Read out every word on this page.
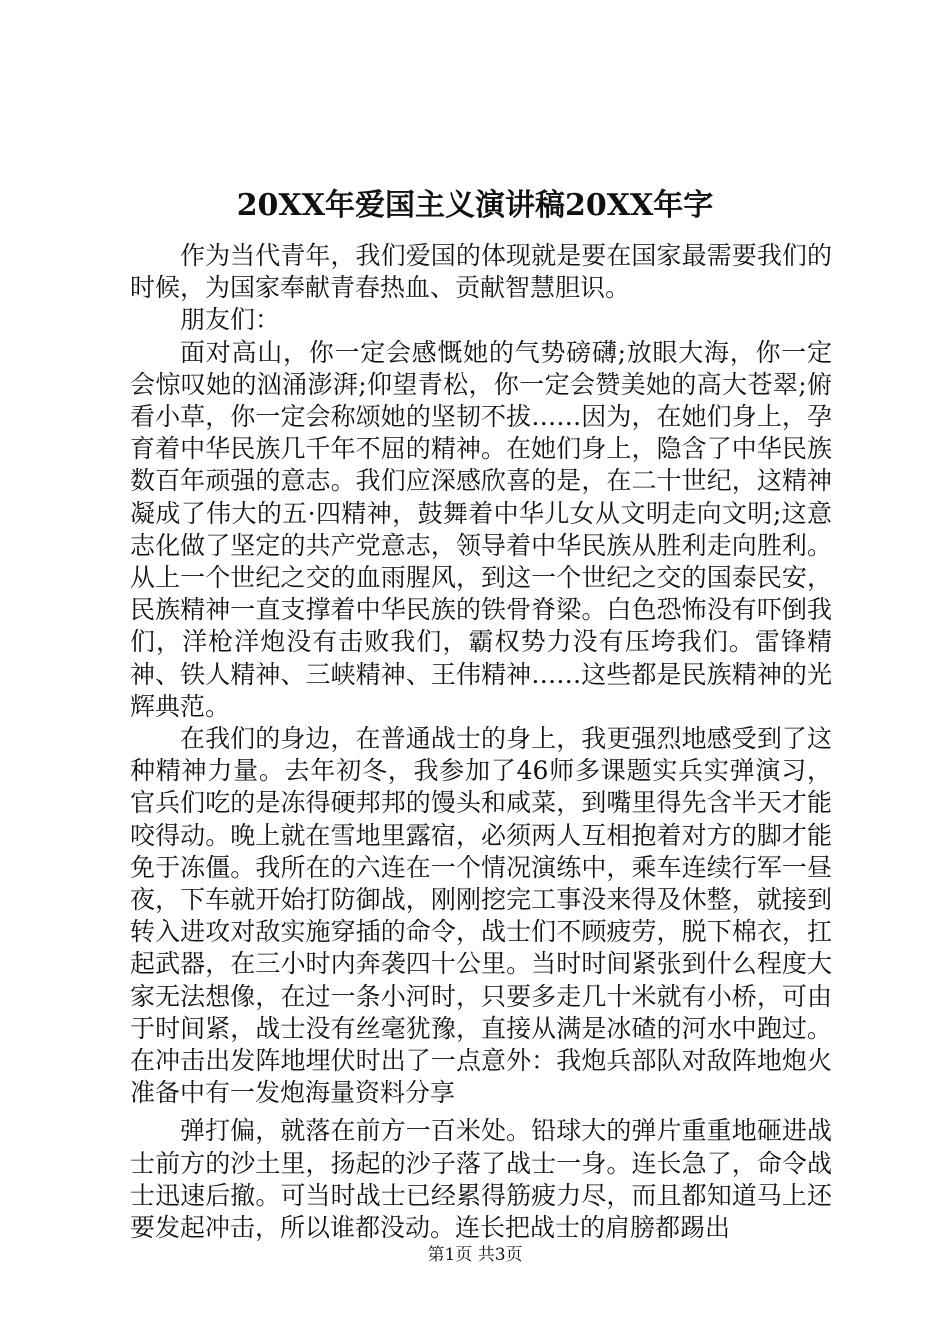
20XX年爱国主义演讲稿20XX年字

作为当代青年，我们爱国的体现就是要在国家最需要我们的时候，为国家奉献青春热血、贡献智慧胆识。

朋友们：

面对高山，你一定会感慨她的气势磅礴;放眼大海，你一定会惊叹她的汹涌澎湃;仰望青松，你一定会赞美她的高大苍翠;俯看小草，你一定会称颂她的坚韧不拔……因为，在她们身上，孕育着中华民族几千年不屈的精神。在她们身上，隐含了中华民族数百年顽强的意志。我们应深感欣喜的是，在二十世纪，这精神凝成了伟大的五·四精神，鼓舞着中华儿女从文明走向文明;这意志化做了坚定的共产党意志，领导着中华民族从胜利走向胜利。从上一个世纪之交的血雨腥风，到这一个世纪之交的国泰民安，民族精神一直支撑着中华民族的铁骨脊梁。白色恐怖没有吓倒我们，洋枪洋炮没有击败我们，霸权势力没有压垮我们。雷锋精神、铁人精神、三峡精神、王伟精神……这些都是民族精神的光辉典范。

在我们的身边，在普通战士的身上，我更强烈地感受到了这种精神力量。去年初冬，我参加了46师多课题实兵实弹演习，官兵们吃的是冻得硬邦邦的馒头和咸菜，到嘴里得先含半天才能咬得动。晚上就在雪地里露宿，必须两人互相抱着对方的脚才能免于冻僵。我所在的六连在一个情况演练中，乘车连续行军一昼夜，下车就开始打防御战，刚刚挖完工事没来得及休整，就接到转入进攻对敌实施穿插的命令，战士们不顾疲劳，脱下棉衣，扛起武器，在三小时内奔袭四十公里。当时时间紧张到什么程度大家无法想像，在过一条小河时，只要多走几十米就有小桥，可由于时间紧，战士没有丝毫犹豫，直接从满是冰碴的河水中跑过。在冲击出发阵地埋伏时出了一点意外：我炮兵部队对敌阵地炮火准备中有一发炮海量资料分享

弹打偏，就落在前方一百米处。铅球大的弹片重重地砸进战士前方的沙土里，扬起的沙子落了战士一身。连长急了，命令战士迅速后撤。可当时战士已经累得筋疲力尽，而且都知道马上还要发起冲击，所以谁都没动。连长把战士的肩膀都踢出

第1页 共3页
